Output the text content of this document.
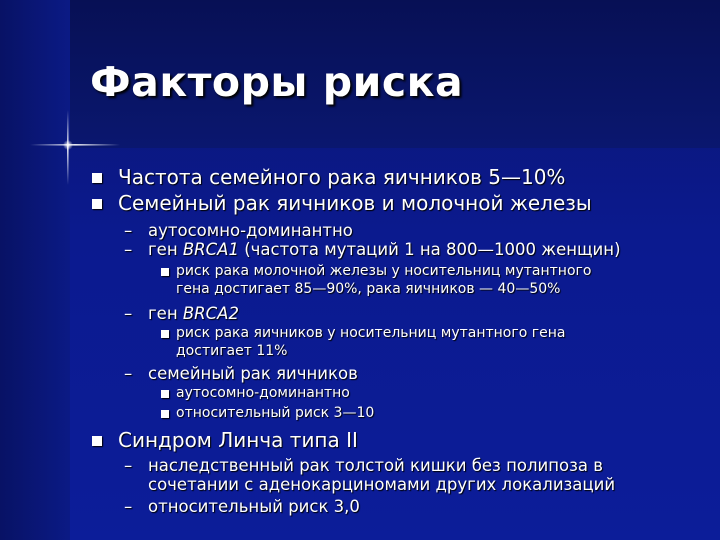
Факторы риска
Частота семейного рака яичников 5—10%
Семейный рак яичников и молочной железы
– аутосомно-доминантно
– ген BRCA1 (частота мутаций 1 на 800—1000 женщин)
риск рака молочной железы у носительниц мутантного
гена достигает 85—90%, рака яичников — 40—50%
– ген BRCA2
риск рака яичников у носительниц мутантного гена
достигает 11%
– семейный рак яичников
аутосомно-доминантно
относительный риск 3—10
Синдром Линча типа II
– наследственный рак толстой кишки без полипоза в
сочетании с аденокарциномами других локализаций
– относительный риск 3,0
